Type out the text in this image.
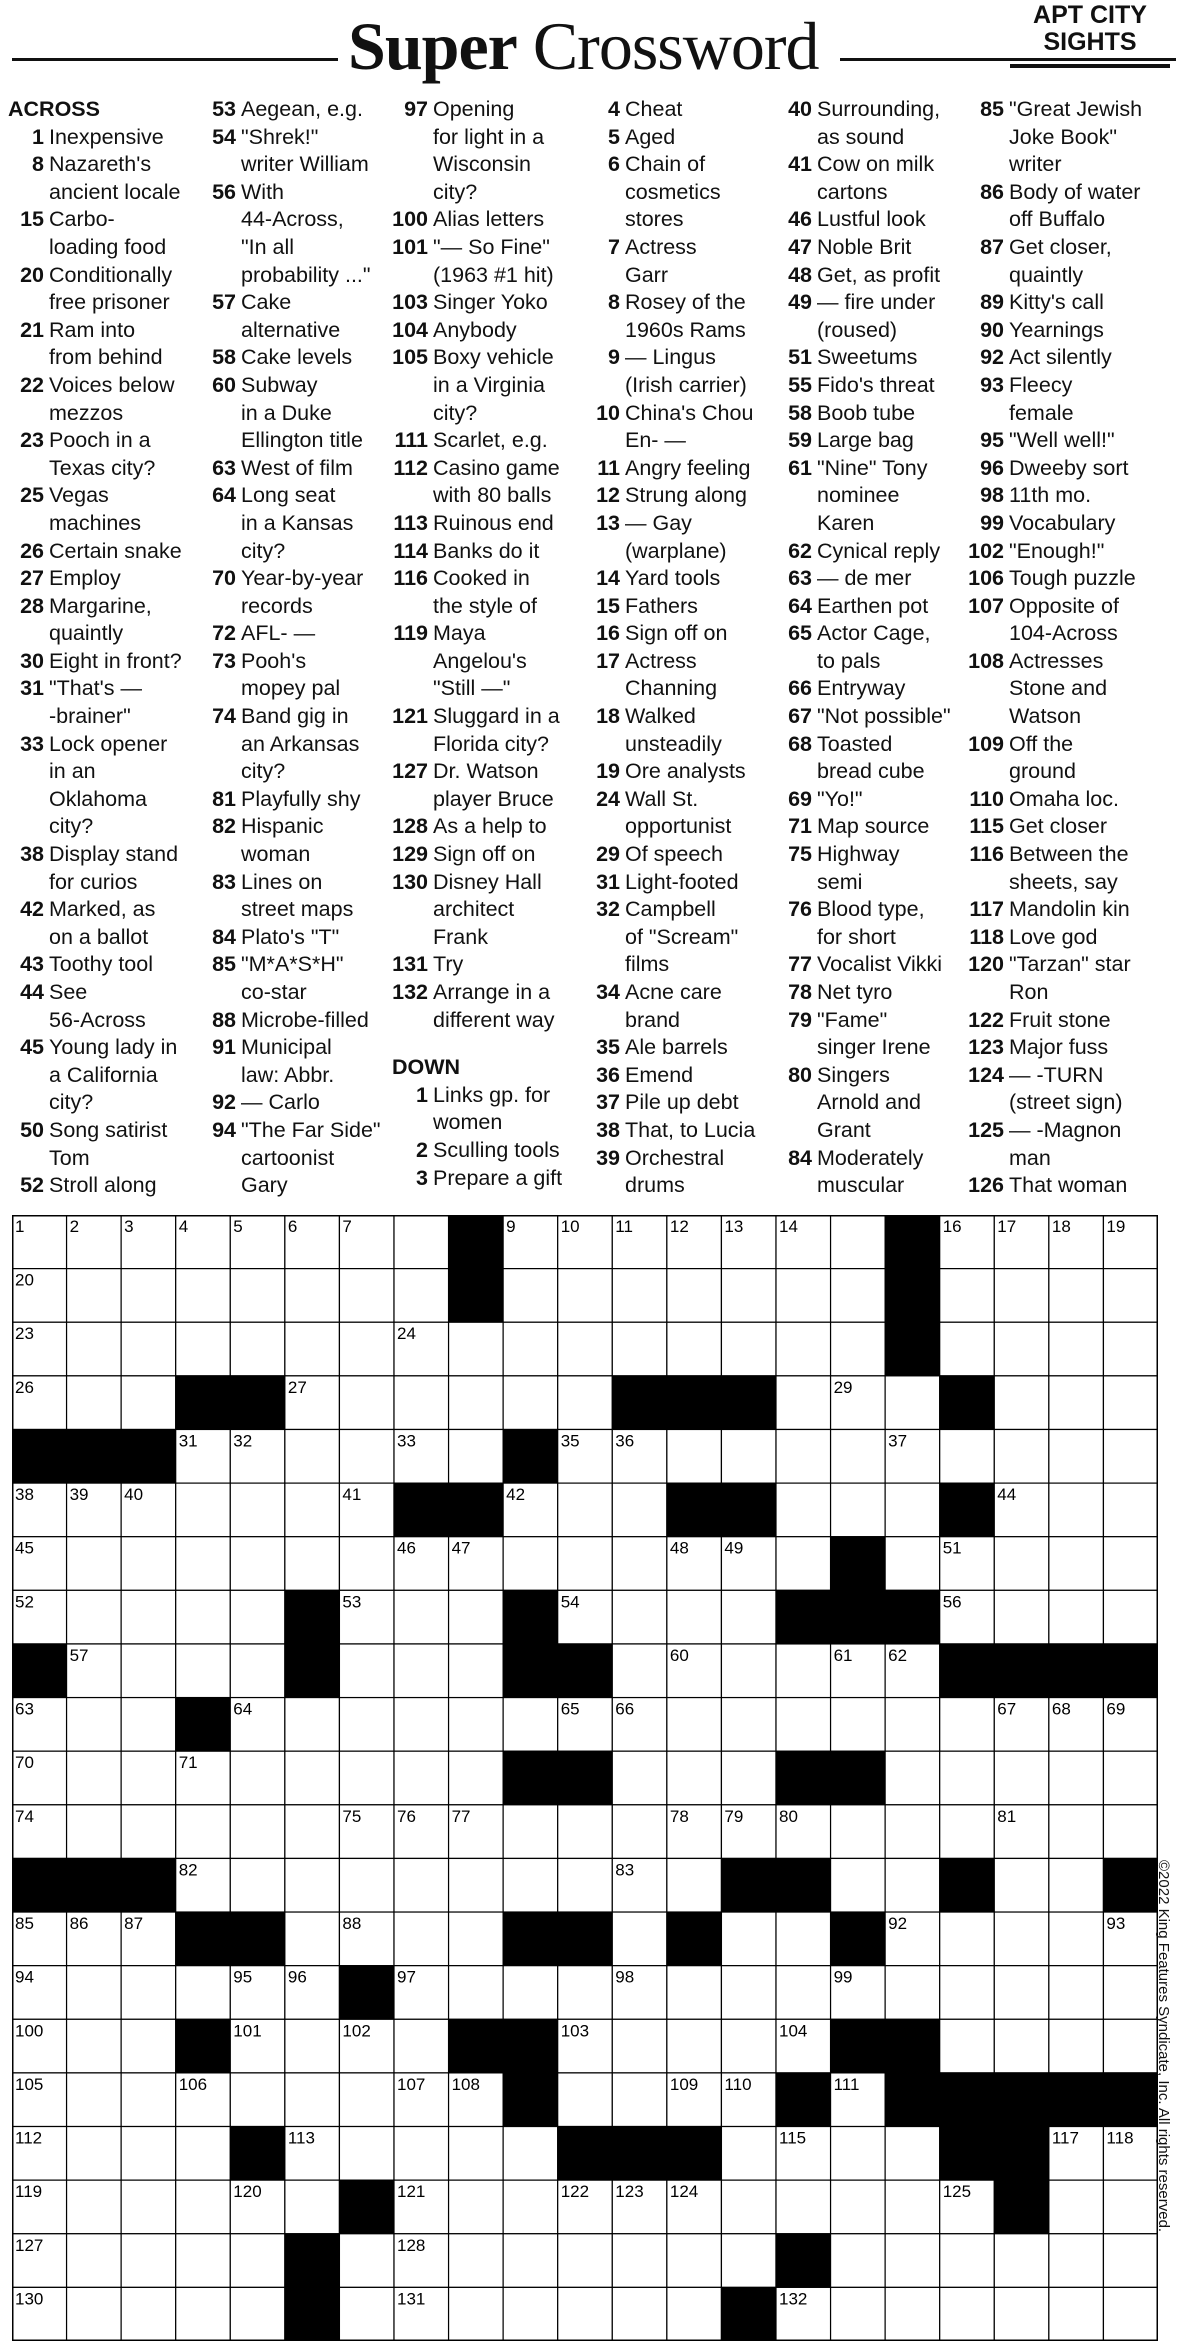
Super Crossword	APT CITY
SIGHTS
ACROSS
1 Inexpensive
8 Nazareth's
ancient locale
15 Carbo-
loading food
20 Conditionally
free prisoner
21 Ram into
from behind
22 Voices below
mezzos
23 Pooch in a
Texas city?
25 Vegas
machines
26 Certain snake
27 Employ
28 Margarine,
quaintly
30 Eight in front?
31 "That's —
-brainer"
33 Lock opener
in an
Oklahoma
city?
38 Display stand
for curios
42 Marked, as
on a ballot
43 Toothy tool
44 See
56-Across
45 Young lady in
a California
city?
50 Song satirist
Tom
52 Stroll along
53 Aegean, e.g.
54 "Shrek!"
writer William
56 With
44-Across,
"In all
probability ..."
57 Cake
alternative
58 Cake levels
60 Subway
in a Duke
Ellington title
63 West of film
64 Long seat
in a Kansas
city?
70 Year-by-year
records
72 AFL- —
73 Pooh's
mopey pal
74 Band gig in
an Arkansas
city?
81 Playfully shy
82 Hispanic
woman
83 Lines on
street maps
84 Plato's "T"
85 "M*A*S*H"
co-star
88 Microbe-filled
91 Municipal
law: Abbr.
92 — Carlo
94 "The Far Side"
cartoonist
Gary
97 Opening
for light in a
Wisconsin
city?
100 Alias letters
101 "— So Fine"
(1963 #1 hit)
103 Singer Yoko
104 Anybody
105 Boxy vehicle
in a Virginia
city?
111 Scarlet, e.g.
112 Casino game
with 80 balls
113 Ruinous end
114 Banks do it
116 Cooked in
the style of
119 Maya
Angelou's
"Still —"
121 Sluggard in a
Florida city?
127 Dr. Watson
player Bruce
128 As a help to
129 Sign off on
130 Disney Hall
architect
Frank
131 Try
132 Arrange in a
different way
DOWN
1 Links gp. for
women
2 Sculling tools
3 Prepare a gift
4 Cheat
5 Aged
6 Chain of
cosmetics
stores
7 Actress
Garr
8 Rosey of the
1960s Rams
9 — Lingus
(Irish carrier)
10 China's Chou
En- —
11 Angry feeling
12 Strung along
13 — Gay
(warplane)
14 Yard tools
15 Fathers
16 Sign off on
17 Actress
Channing
18 Walked
unsteadily
19 Ore analysts
24 Wall St.
opportunist
29 Of speech
31 Light-footed
32 Campbell
of "Scream"
films
34 Acne care
brand
35 Ale barrels
36 Emend
37 Pile up debt
38 That, to Lucia
39 Orchestral
drums
40 Surrounding,
as sound
41 Cow on milk
cartons
46 Lustful look
47 Noble Brit
48 Get, as profit
49 — fire under
(roused)
51 Sweetums
55 Fido's threat
58 Boob tube
59 Large bag
61 "Nine" Tony
nominee
Karen
62 Cynical reply
63 — de mer
64 Earthen pot
65 Actor Cage,
to pals
66 Entryway
67 "Not possible"
68 Toasted
bread cube
69 "Yo!"
71 Map source
75 Highway
semi
76 Blood type,
for short
77 Vocalist Vikki
78 Net tyro
79 "Fame"
singer Irene
80 Singers
Arnold and
Grant
84 Moderately
muscular
85 "Great Jewish
Joke Book"
writer
86 Body of water
off Buffalo
87 Get closer,
quaintly
89 Kitty's call
90 Yearnings
92 Act silently
93 Fleecy
female
95 "Well well!"
96 Dweeby sort
98 11th mo.
99 Vocabulary
102 "Enough!"
106 Tough puzzle
107 Opposite of
104-Across
108 Actresses
Stone and
Watson
109 Off the
ground
110 Omaha loc.
115 Get closer
116 Between the
sheets, say
117 Mandolin kin
118 Love god
120 "Tarzan" star
Ron
122 Fruit stone
123 Major fuss
124 — -TURN
(street sign)
125 — -Magnon
man
126 That woman
1	2	3	4	5	6	7	9	10 11 12 13 14	16 17 18 19
20
23	24
26	27	29
31 32	33	35 36	37
38 39 40	41	42	44
45	46 47	48 49	51
52	53	54	56
57	60	61 62
63	64	65 66	67 68 69
70	71
74	75 76 77	78 79 80	81
82	83
85 86 87	88	92	93
94	95 96	97	98	99
100	101	102	103	104
105	106	107 108	109 110	111
112	113	115	117 118
119	120	121	122 123 124	125
127	128
130	131	132
©2022 King Features Syndicate, Inc. All rights reserved.
